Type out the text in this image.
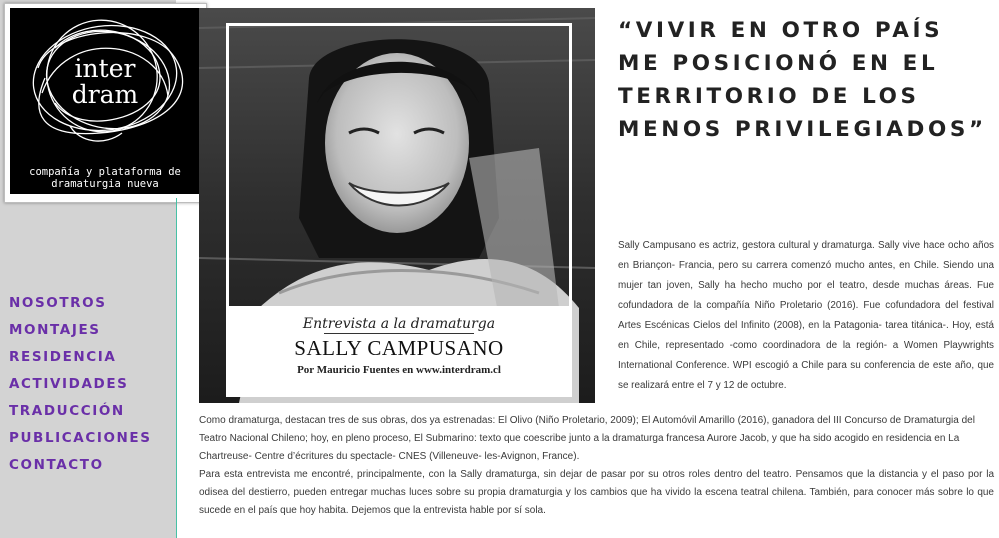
inter
dram
compañía y plataforma de
dramaturgia nueva
NOSOTROS
MONTAJES
RESIDENCIA
ACTIVIDADES
TRADUCCIÓN
PUBLICACIONES
CONTACTO
Entrevista a la dramaturga
SALLY CAMPUSANO
Por Mauricio Fuentes en www.interdram.cl
“VIVIR EN OTRO PAÍS ME POSICIONÓ EN EL TERRITORIO DE LOS MENOS PRIVILEGIADOS”

Sally Campusano es actriz, gestora cultural y dramaturga. Sally vive hace ocho años en Briançon- Francia, pero su carrera comenzó mucho antes, en Chile. Siendo una mujer tan joven, Sally ha hecho mucho por el teatro, desde muchas áreas. Fue cofundadora de la compañía Niño Proletario (2016). Fue cofundadora del festival Artes Escénicas Cielos del Infinito (2008), en la Patagonia- tarea titánica-. Hoy, está en Chile, representado -como coordinadora de la región- a Women Playwrights International Conference. WPI escogió a Chile para su conferencia de este año, que se realizará entre el 7 y 12 de octubre.

Como dramaturga, destacan tres de sus obras, dos ya estrenadas: El Olivo (Niño Proletario, 2009); El Automóvil Amarillo (2016), ganadora del III Concurso de Dramaturgia del Teatro Nacional Chileno; hoy, en pleno proceso, El Submarino: texto que coescribe junto a la dramaturga francesa Aurore Jacob, y que ha sido acogido en residencia en La Chartreuse- Centre d’écritures du spectacle- CNES (Villeneuve- les-Avignon, France).

Para esta entrevista me encontré, principalmente, con la Sally dramaturga, sin dejar de pasar por su otros roles dentro del teatro. Pensamos que la distancia y el paso por la odisea del destierro, pueden entregar muchas luces sobre su propia dramaturgia y los cambios que ha vivido la escena teatral chilena. También, para conocer más sobre lo que sucede en el país que hoy habita. Dejemos que la entrevista hable por sí sola.
